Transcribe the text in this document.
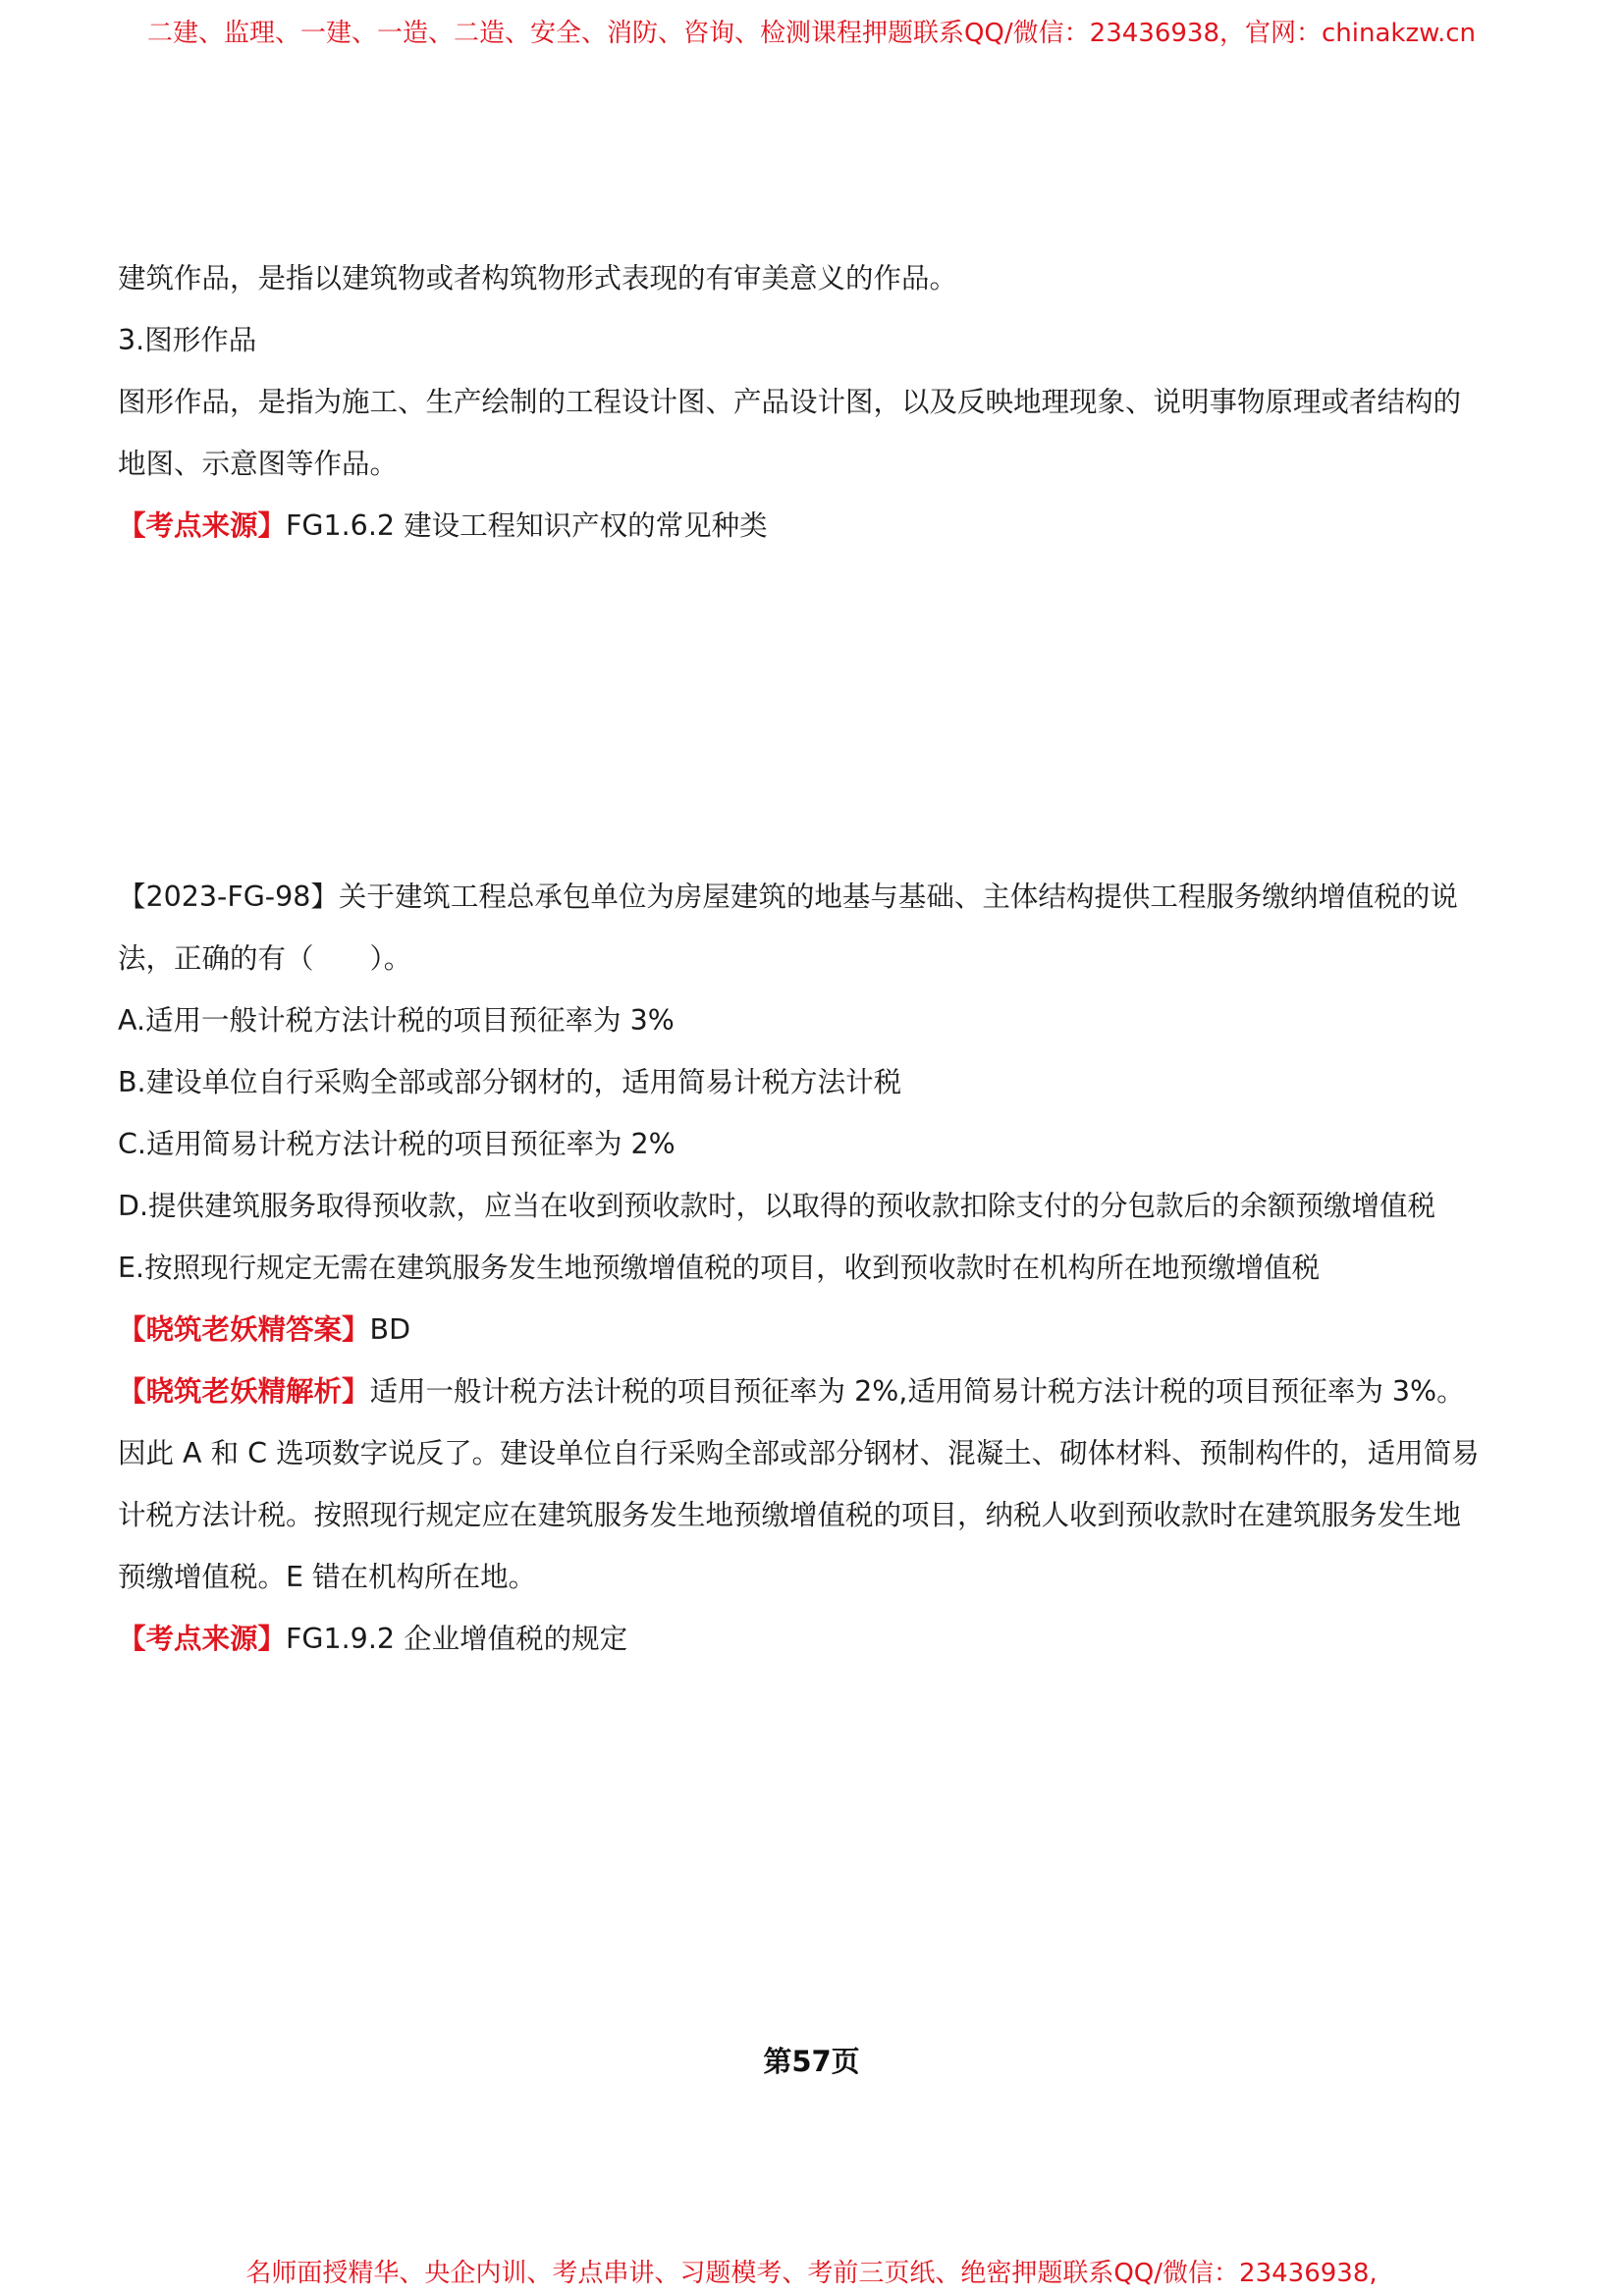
二建、监理、一建、一造、二造、安全、消防、咨询、检测课程押题联系QQ/微信：23436938，官网：chinakzw.cn
建筑作品，是指以建筑物或者构筑物形式表现的有审美意义的作品。
3.图形作品
图形作品，是指为施工、生产绘制的工程设计图、产品设计图，以及反映地理现象、说明事物原理或者结构的
地图、示意图等作品。
【考点来源】FG1.6.2 建设工程知识产权的常见种类
【2023-FG-98】关于建筑工程总承包单位为房屋建筑的地基与基础、主体结构提供工程服务缴纳增值税的说
法，正确的有（　　）。
A.适用一般计税方法计税的项目预征率为 3%
B.建设单位自行采购全部或部分钢材的，适用简易计税方法计税
C.适用简易计税方法计税的项目预征率为 2%
D.提供建筑服务取得预收款，应当在收到预收款时，以取得的预收款扣除支付的分包款后的余额预缴增值税
E.按照现行规定无需在建筑服务发生地预缴增值税的项目，收到预收款时在机构所在地预缴增值税
【晓筑老妖精答案】BD
【晓筑老妖精解析】适用一般计税方法计税的项目预征率为 2%,适用简易计税方法计税的项目预征率为 3%。
因此 A 和 C 选项数字说反了。建设单位自行采购全部或部分钢材、混凝土、砌体材料、预制构件的，适用简易
计税方法计税。按照现行规定应在建筑服务发生地预缴增值税的项目，纳税人收到预收款时在建筑服务发生地
预缴增值税。E 错在机构所在地。
【考点来源】FG1.9.2 企业增值税的规定
第57页
名师面授精华、央企内训、考点串讲、习题模考、考前三页纸、绝密押题联系QQ/微信：23436938,
